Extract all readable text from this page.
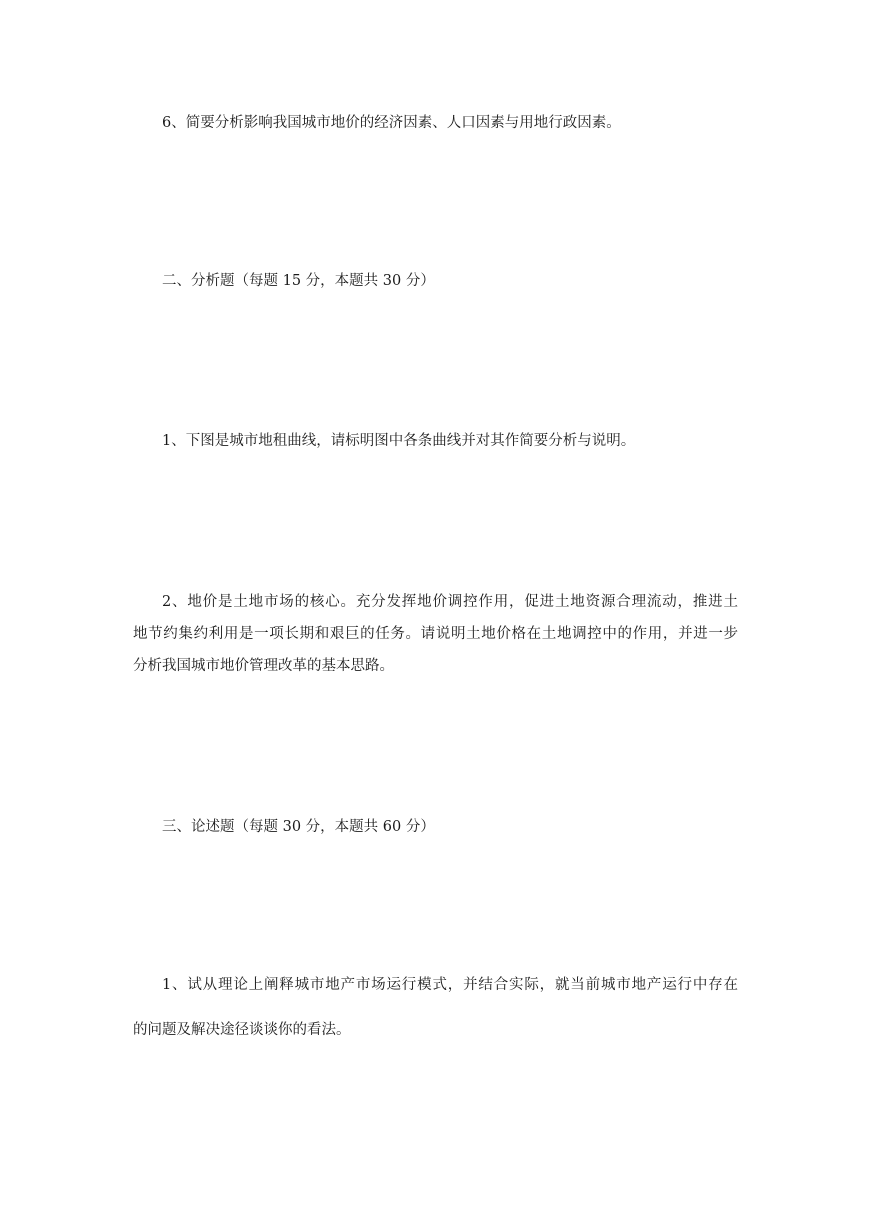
6、简要分析影响我国城市地价的经济因素、人口因素与用地行政因素。
二、分析题（每题 15 分，本题共 30 分）
1、下图是城市地租曲线，请标明图中各条曲线并对其作简要分析与说明。
2、地价是土地市场的核心。充分发挥地价调控作用，促进土地资源合理流动，推进土
地节约集约利用是一项长期和艰巨的任务。请说明土地价格在土地调控中的作用，并进一步
分析我国城市地价管理改革的基本思路。
三、论述题（每题 30 分，本题共 60 分）
1、试从理论上阐释城市地产市场运行模式，并结合实际，就当前城市地产运行中存在
的问题及解决途径谈谈你的看法。
